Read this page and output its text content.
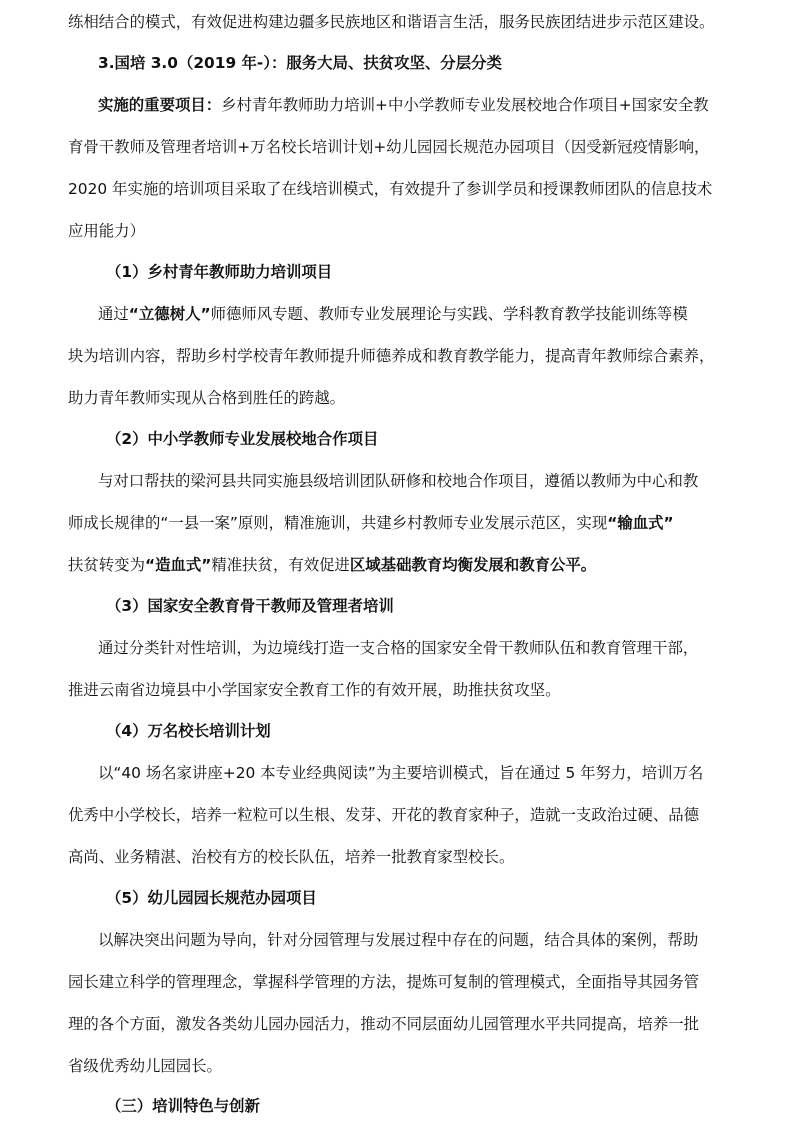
练相结合的模式，有效促进构建边疆多民族地区和谐语言生活，服务民族团结进步示范区建设。
3.国培 3.0（2019 年-）：服务大局、扶贫攻坚、分层分类
实施的重要项目：乡村青年教师助力培训+中小学教师专业发展校地合作项目+国家安全教
育骨干教师及管理者培训+万名校长培训计划+幼儿园园长规范办园项目（因受新冠疫情影响，
2020 年实施的培训项目采取了在线培训模式，有效提升了参训学员和授课教师团队的信息技术
应用能力）
（1）乡村青年教师助力培训项目
通过“立德树人”师德师风专题、教师专业发展理论与实践、学科教育教学技能训练等模
块为培训内容，帮助乡村学校青年教师提升师德养成和教育教学能力，提高青年教师综合素养，
助力青年教师实现从合格到胜任的跨越。
（2）中小学教师专业发展校地合作项目
与对口帮扶的梁河县共同实施县级培训团队研修和校地合作项目，遵循以教师为中心和教
师成长规律的“一县一案”原则，精准施训，共建乡村教师专业发展示范区，实现“输血式”
扶贫转变为“造血式”精准扶贫，有效促进区域基础教育均衡发展和教育公平。
（3）国家安全教育骨干教师及管理者培训
通过分类针对性培训，为边境线打造一支合格的国家安全骨干教师队伍和教育管理干部，
推进云南省边境县中小学国家安全教育工作的有效开展，助推扶贫攻坚。
（4）万名校长培训计划
以“40 场名家讲座+20 本专业经典阅读”为主要培训模式，旨在通过 5 年努力，培训万名
优秀中小学校长，培养一粒粒可以生根、发芽、开花的教育家种子，造就一支政治过硬、品德
高尚、业务精湛、治校有方的校长队伍，培养一批教育家型校长。
（5）幼儿园园长规范办园项目
以解决突出问题为导向，针对分园管理与发展过程中存在的问题，结合具体的案例，帮助
园长建立科学的管理理念，掌握科学管理的方法，提炼可复制的管理模式，全面指导其园务管
理的各个方面，激发各类幼儿园办园活力，推动不同层面幼儿园管理水平共同提高，培养一批
省级优秀幼儿园园长。
（三）培训特色与创新
